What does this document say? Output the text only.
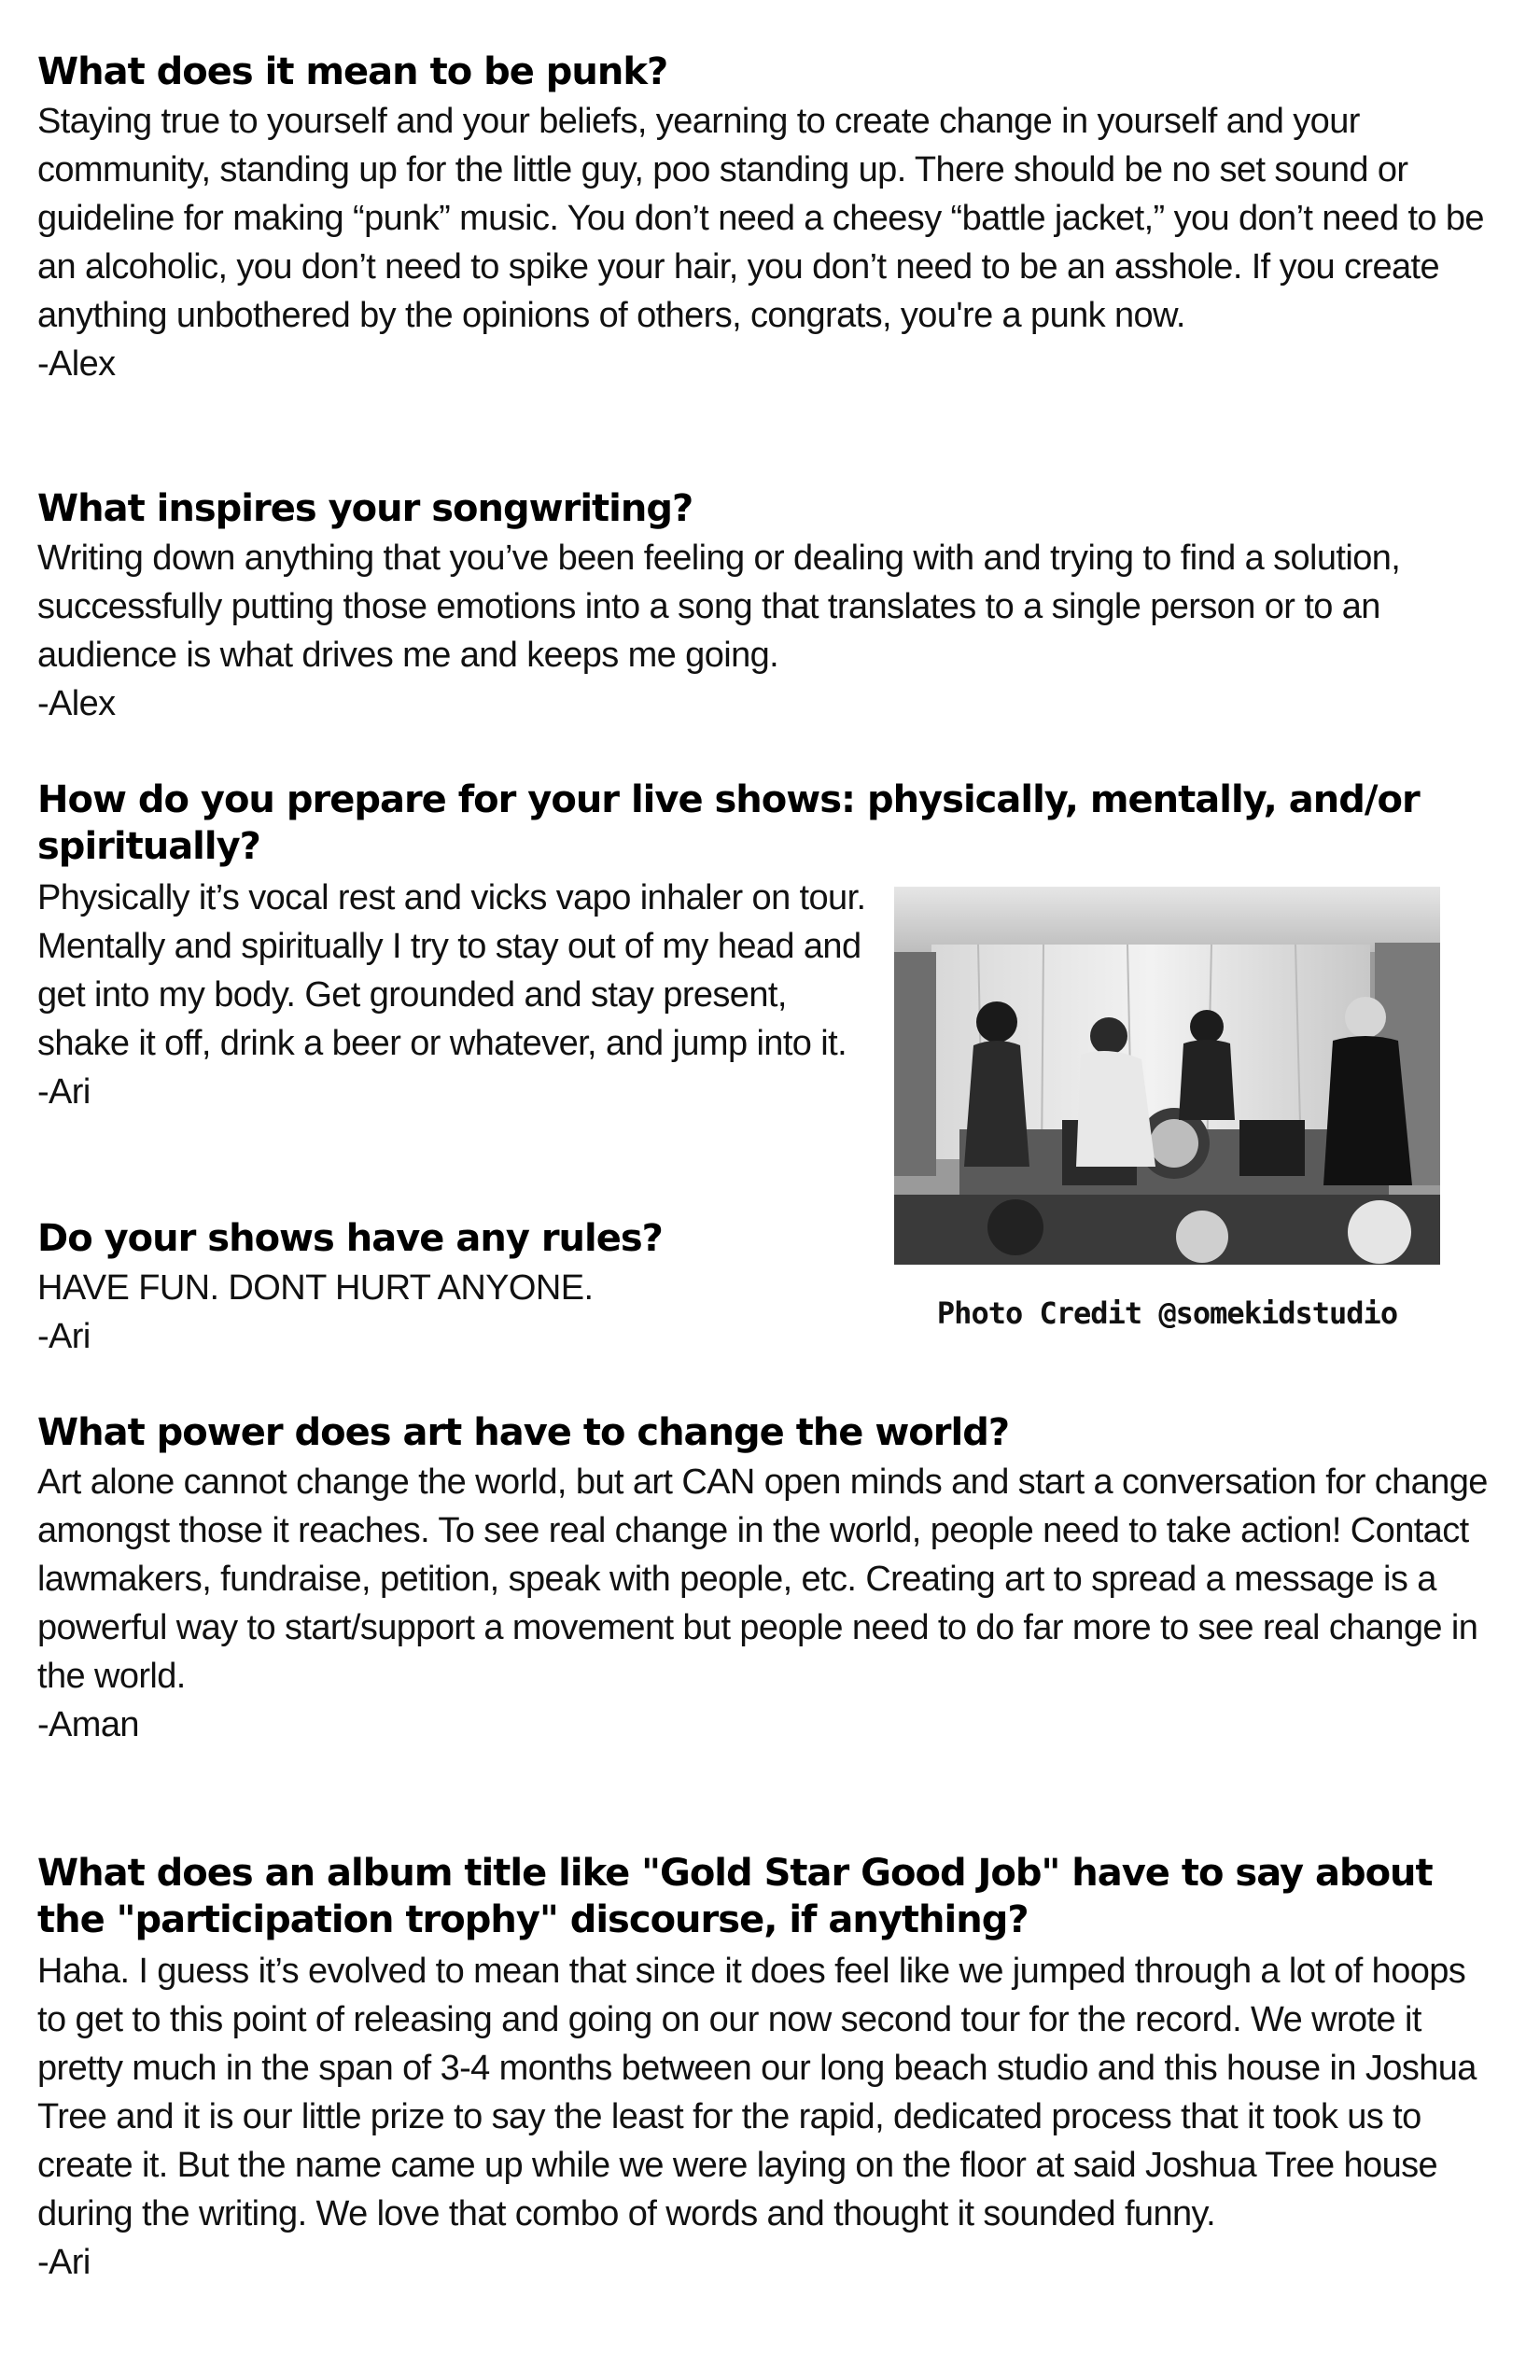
What does it mean to be punk?

Staying true to yourself and your beliefs, yearning to create change in yourself and your community, standing up for the little guy, poo standing up. There should be no set sound or guideline for making “punk” music. You don’t need a cheesy “battle jacket,” you don’t need to be an alcoholic, you don’t need to spike your hair, you don’t need to be an asshole. If you create anything unbothered by the opinions of others, congrats, you're a punk now.
-Alex

What inspires your songwriting?

Writing down anything that you’ve been feeling or dealing with and trying to find a solution, successfully putting those emotions into a song that translates to a single person or to an audience is what drives me and keeps me going.
-Alex

How do you prepare for your live shows: physically, mentally, and/or spiritually?

Physically it’s vocal rest and vicks vapo inhaler on tour. Mentally and spiritually I try to stay out of my head and get into my body. Get grounded and stay present, shake it off, drink a beer or whatever, and jump into it.
-Ari

Do your shows have any rules?

HAVE FUN. DONT HURT ANYONE.
-Ari

Photo Credit @somekidstudio
What power does art have to change the world?

Art alone cannot change the world, but art CAN open minds and start a conversation for change amongst those it reaches. To see real change in the world, people need to take action! Contact lawmakers, fundraise, petition, speak with people, etc. Creating art to spread a message is a powerful way to start/support a movement but people need to do far more to see real change in the world.
-Aman

What does an album title like "Gold Star Good Job" have to say about the "participation trophy" discourse, if anything?

Haha. I guess it’s evolved to mean that since it does feel like we jumped through a lot of hoops to get to this point of releasing and going on our now second tour for the record. We wrote it pretty much in the span of 3-4 months between our long beach studio and this house in Joshua Tree and it is our little prize to say the least for the rapid, dedicated process that it took us to create it. But the name came up while we were laying on the floor at said Joshua Tree house during the writing. We love that combo of words and thought it sounded funny.
-Ari
